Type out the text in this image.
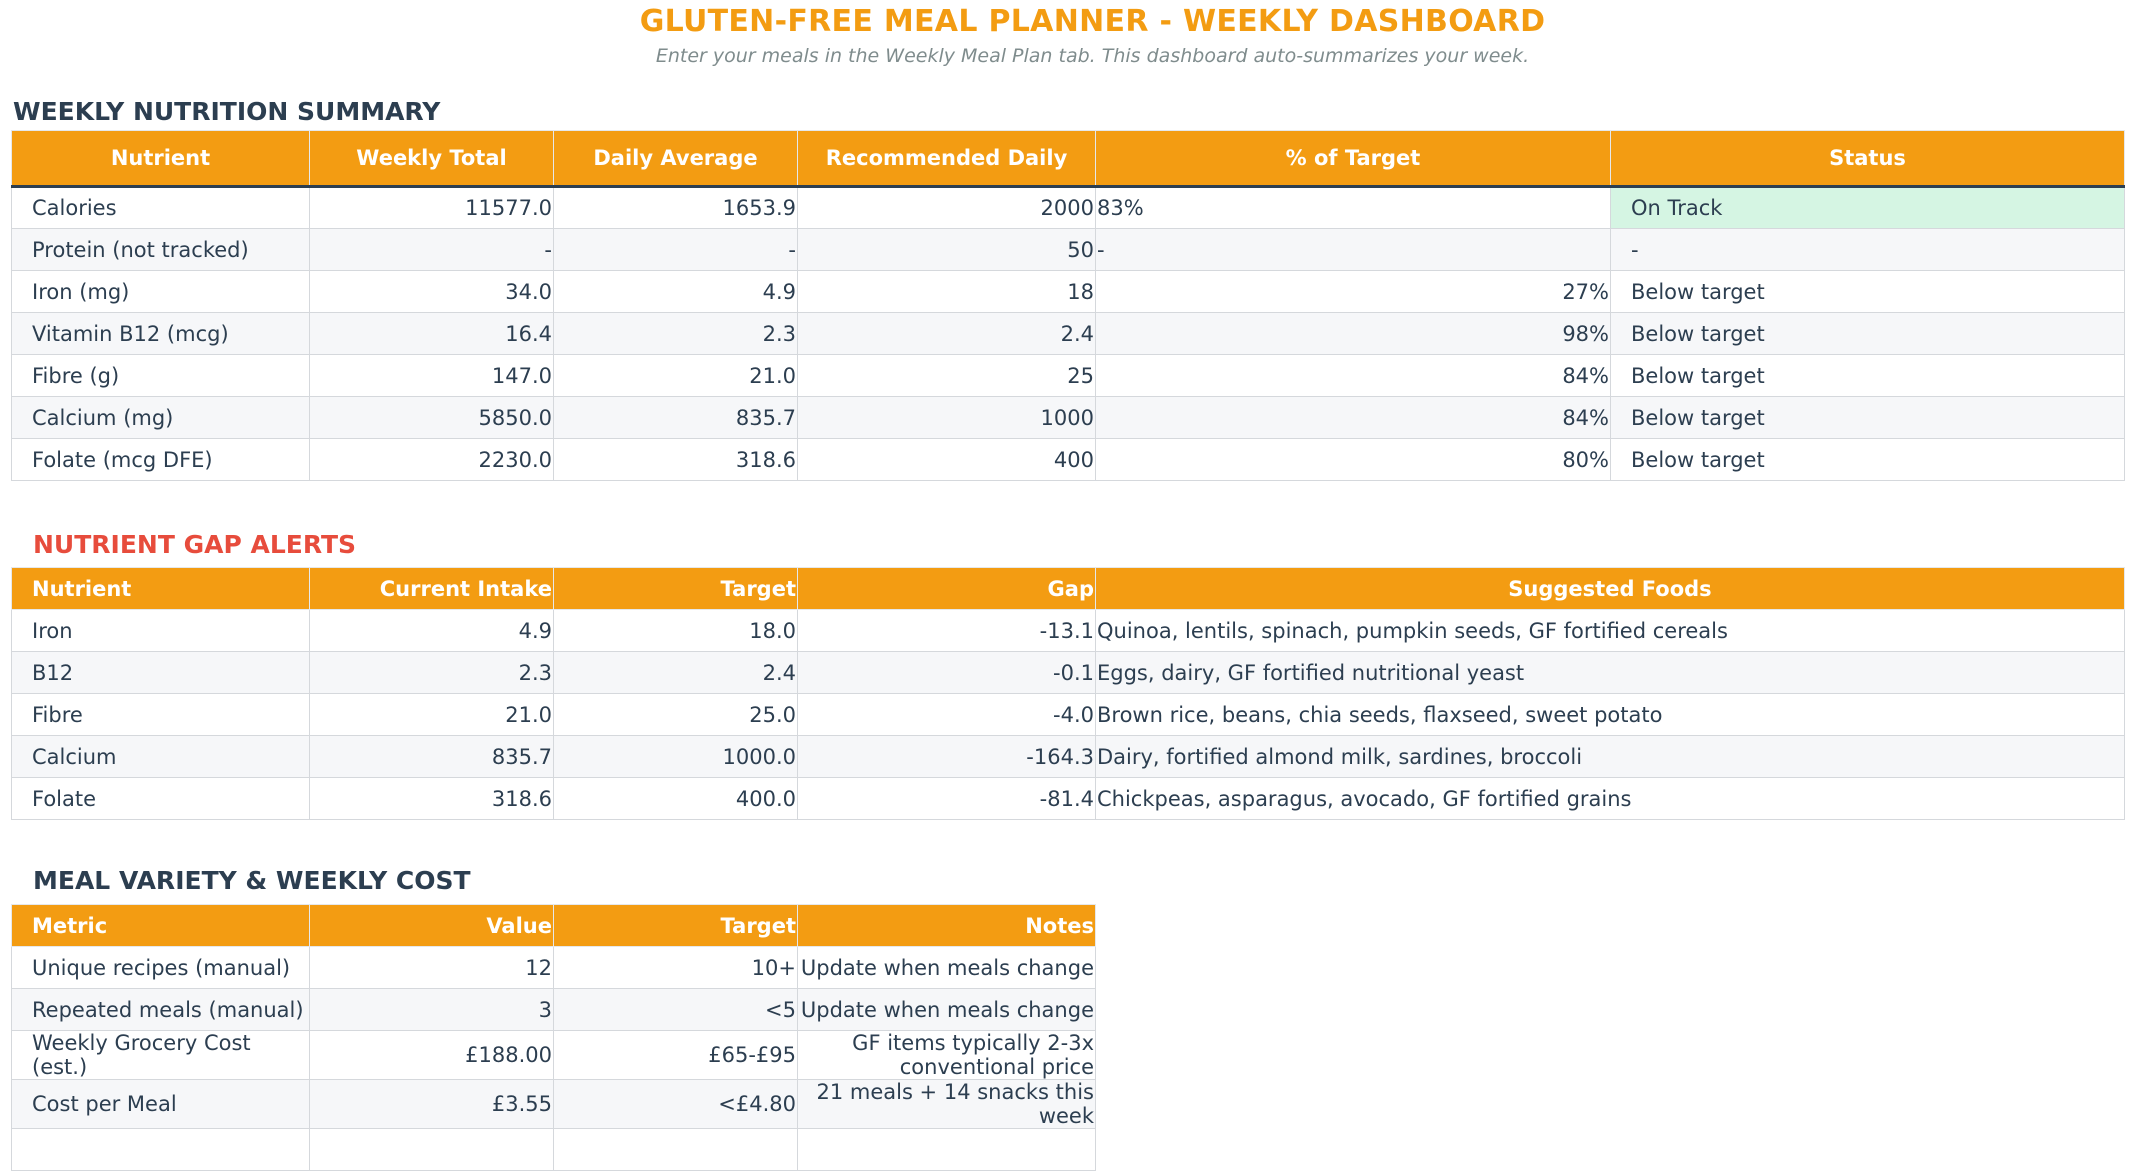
GLUTEN-FREE MEAL PLANNER - WEEKLY DASHBOARD
Enter your meals in the Weekly Meal Plan tab. This dashboard auto-summarizes your week.
WEEKLY NUTRITION SUMMARY
Nutrient	Weekly Total	Daily Average	Recommended Daily	% of Target	Status
Calories	11577.0	1653.9	2000	83%	On Track
Protein (not tracked)	-	-	50	-	-
Iron (mg)	34.0	4.9	18	27%	Below target
Vitamin B12 (mcg)	16.4	2.3	2.4	98%	Below target
Fibre (g)	147.0	21.0	25	84%	Below target
Calcium (mg)	5850.0	835.7	1000	84%	Below target
Folate (mcg DFE)	2230.0	318.6	400	80%	Below target
NUTRIENT GAP ALERTS
Nutrient	Current Intake	Target	Gap	Suggested Foods
Iron	4.9	18.0	-13.1	Quinoa, lentils, spinach, pumpkin seeds, GF fortified cereals
B12	2.3	2.4	-0.1	Eggs, dairy, GF fortified nutritional yeast
Fibre	21.0	25.0	-4.0	Brown rice, beans, chia seeds, flaxseed, sweet potato
Calcium	835.7	1000.0	-164.3	Dairy, fortified almond milk, sardines, broccoli
Folate	318.6	400.0	-81.4	Chickpeas, asparagus, avocado, GF fortified grains
MEAL VARIETY & WEEKLY COST
Metric	Value	Target	Notes
Unique recipes (manual)	12	10+	Update when meals change
Repeated meals (manual)	3	<5	Update when meals change
Weekly Grocery Cost (est.)	£188.00	£65-£95	GF items typically 2-3x conventional price
Cost per Meal	£3.55	<£4.80	21 meals + 14 snacks this week
